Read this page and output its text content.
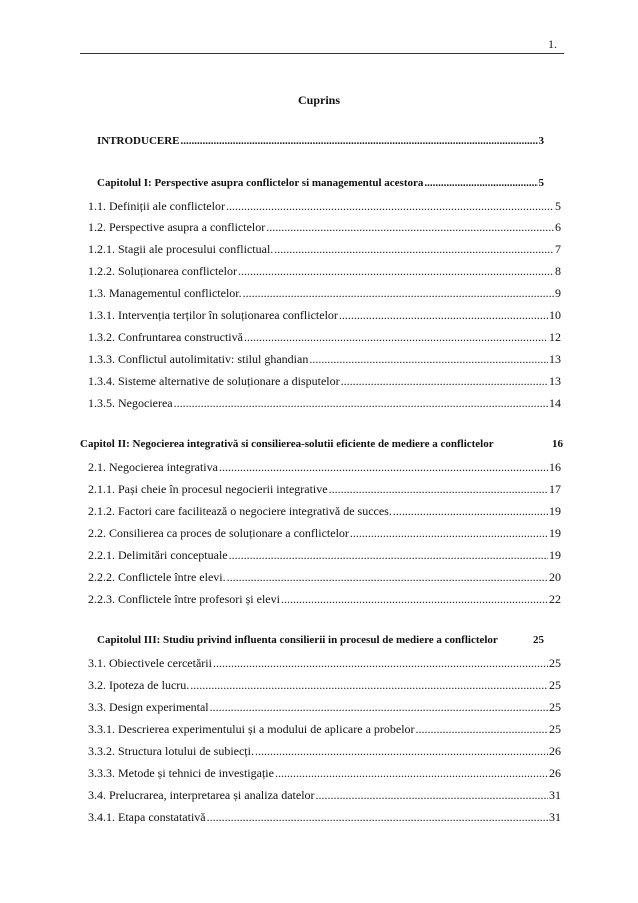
1.
Cuprins
INTRODUCERE .....	3
Capitolul I: Perspective asupra conflictelor si managementul acestora .....	5
1.1. Definiții ale conflictelor .....	5
1.2. Perspective asupra a conflictelor .....	6
1.2.1. Stagii ale procesului conflictual. .....	7
1.2.2. Soluționarea conflictelor .....	8
1.3. Managementul conflictelor. .....	9
1.3.1. Intervenția terților în soluționarea conflictelor .....	10
1.3.2. Confruntarea constructivă .....	12
1.3.3. Conflictul autolimitativ: stilul ghandian .....	13
1.3.4. Sisteme alternative de soluționare a disputelor .....	13
1.3.5. Negocierea .....	14
Capitol II: Negocierea integrativă si consilierea-solutii eficiente de mediere a conflictelor	16
2.1. Negocierea integrativa .....	16
2.1.1. Pași cheie în procesul negocierii integrative .....	17
2.1.2. Factori care facilitează o negociere integrativă de succes. .....	19
2.2. Consilierea ca proces de soluționare a conflictelor .....	19
2.2.1. Delimitări conceptuale .....	19
2.2.2. Conflictele între elevi. .....	20
2.2.3. Conflictele între profesori și elevi .....	22
Capitolul III: Studiu privind influenta consilierii in procesul de mediere a conflictelor	25
3.1. Obiectivele cercetării .....	25
3.2. Ipoteza de lucru. .....	25
3.3. Design experimental .....	25
3.3.1. Descrierea experimentului și a modului de aplicare a probelor .....	25
3.3.2. Structura lotului de subiecți. .....	26
3.3.3. Metode și tehnici de investigație .....	26
3.4. Prelucrarea, interpretarea și analiza datelor .....	31
3.4.1. Etapa constatativă .....	31
